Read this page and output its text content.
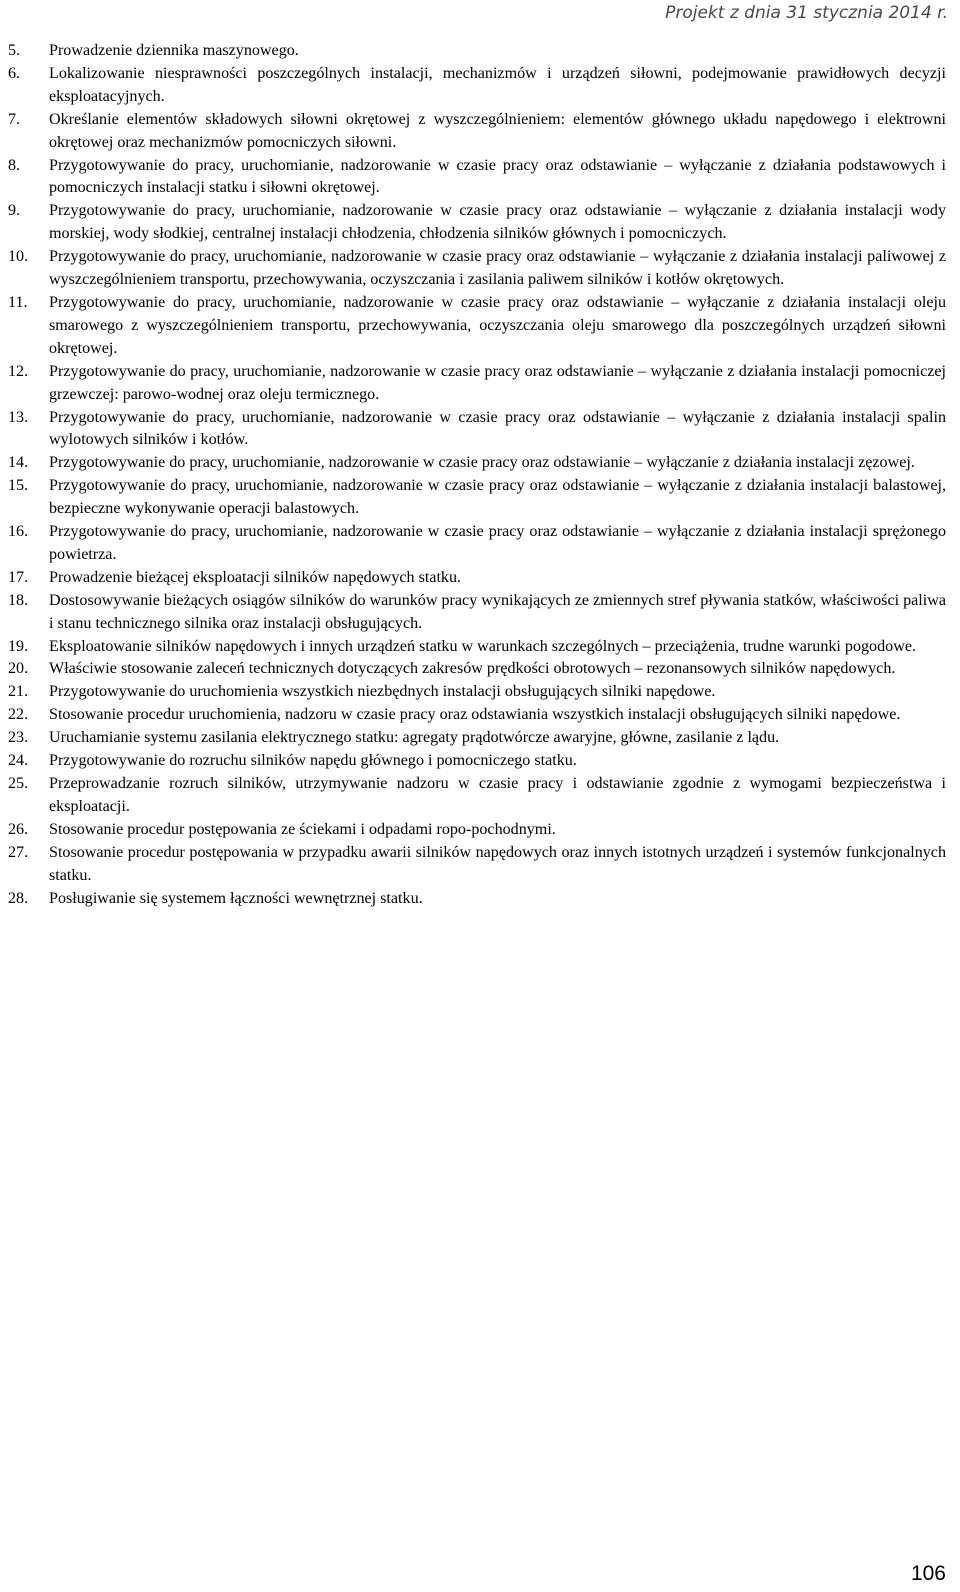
Projekt z dnia 31 stycznia 2014 r.
5.	Prowadzenie dziennika maszynowego.
6.	Lokalizowanie niesprawności poszczególnych instalacji, mechanizmów i urządzeń siłowni, podejmowanie prawidłowych decyzji eksploatacyjnych.
7.	Określanie elementów składowych siłowni okrętowej z wyszczególnieniem: elementów głównego układu napędowego i elektrowni okrętowej oraz mechanizmów pomocniczych siłowni.
8.	Przygotowywanie do pracy, uruchomianie, nadzorowanie w czasie pracy oraz odstawianie – wyłączanie z działania podstawowych i pomocniczych instalacji statku i siłowni okrętowej.
9.	Przygotowywanie do pracy, uruchomianie, nadzorowanie w czasie pracy oraz odstawianie – wyłączanie z działania instalacji wody morskiej, wody słodkiej, centralnej instalacji chłodzenia, chłodzenia silników głównych i pomocniczych.
10.	Przygotowywanie do pracy, uruchomianie, nadzorowanie w czasie pracy oraz odstawianie – wyłączanie z działania instalacji paliwowej z wyszczególnieniem transportu, przechowywania, oczyszczania i zasilania paliwem silników i kotłów okrętowych.
11.	Przygotowywanie do pracy, uruchomianie, nadzorowanie w czasie pracy oraz odstawianie – wyłączanie z działania instalacji oleju smarowego z wyszczególnieniem transportu, przechowywania, oczyszczania oleju smarowego dla poszczególnych urządzeń siłowni okrętowej.
12.	Przygotowywanie do pracy, uruchomianie, nadzorowanie w czasie pracy oraz odstawianie – wyłączanie z działania instalacji pomocniczej grzewczej: parowo-wodnej oraz oleju termicznego.
13.	Przygotowywanie do pracy, uruchomianie, nadzorowanie w czasie pracy oraz odstawianie – wyłączanie z działania instalacji spalin wylotowych silników i kotłów.
14.	Przygotowywanie do pracy, uruchomianie, nadzorowanie w czasie pracy oraz odstawianie – wyłączanie z działania instalacji zęzowej.
15.	Przygotowywanie do pracy, uruchomianie, nadzorowanie w czasie pracy oraz odstawianie – wyłączanie z działania instalacji balastowej, bezpieczne wykonywanie operacji balastowych.
16.	Przygotowywanie do pracy, uruchomianie, nadzorowanie w czasie pracy oraz odstawianie – wyłączanie z działania instalacji sprężonego powietrza.
17.	Prowadzenie bieżącej eksploatacji silników napędowych statku.
18.	Dostosowywanie bieżących osiągów silników do warunków pracy wynikających ze zmiennych stref pływania statków, właściwości paliwa i stanu technicznego silnika oraz instalacji obsługujących.
19.	Eksploatowanie silników napędowych i innych urządzeń statku w warunkach szczególnych – przeciążenia, trudne warunki pogodowe.
20.	Właściwie stosowanie zaleceń technicznych dotyczących zakresów prędkości obrotowych – rezonansowych silników napędowych.
21.	Przygotowywanie do uruchomienia wszystkich niezbędnych instalacji obsługujących silniki napędowe.
22.	Stosowanie procedur uruchomienia, nadzoru w czasie pracy oraz odstawiania wszystkich instalacji obsługujących silniki napędowe.
23.	Uruchamianie systemu zasilania elektrycznego statku: agregaty prądotwórcze awaryjne, główne, zasilanie z lądu.
24.	Przygotowywanie do rozruchu silników napędu głównego i pomocniczego statku.
25.	Przeprowadzanie rozruch silników, utrzymywanie nadzoru w czasie pracy i odstawianie zgodnie z wymogami bezpieczeństwa i eksploatacji.
26.	Stosowanie procedur postępowania ze ściekami i odpadami ropo-pochodnymi.
27.	Stosowanie procedur postępowania w przypadku awarii silników napędowych oraz innych istotnych urządzeń i systemów funkcjonalnych statku.
28.	Posługiwanie się systemem łączności wewnętrznej statku.
106
